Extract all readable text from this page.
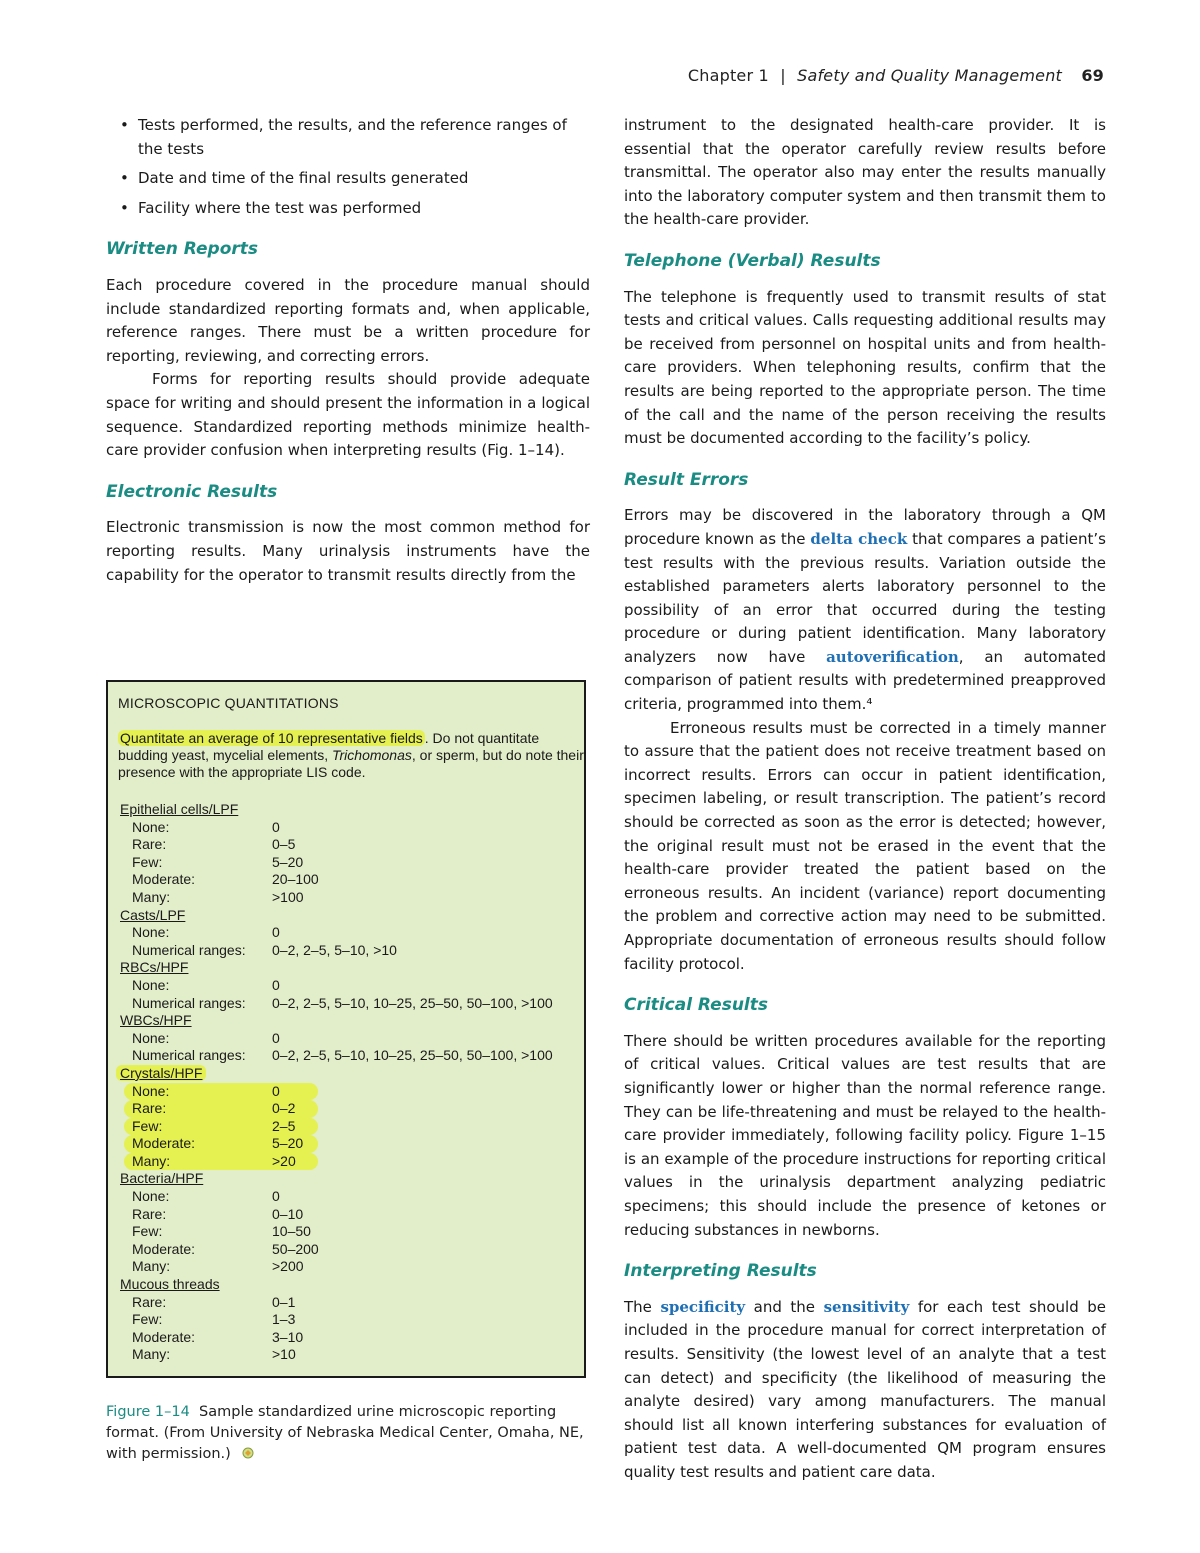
Chapter 1 | Safety and Quality Management 69
• Tests performed, the results, and the reference ranges of the tests
• Date and time of the final results generated
• Facility where the test was performed
Written Reports

Each procedure covered in the procedure manual should include standardized reporting formats and, when applicable, reference ranges. There must be a written procedure for reporting, reviewing, and correcting errors.

Forms for reporting results should provide adequate space for writing and should present the information in a logical sequence. Standardized reporting methods minimize health-care provider confusion when interpreting results (Fig. 1–14).

Electronic Results

Electronic transmission is now the most common method for reporting results. Many urinalysis instruments have the capability for the operator to transmit results directly from the

MICROSCOPIC QUANTITATIONS
Quantitate an average of 10 representative fields . Do not quantitate budding yeast, mycelial elements, Trichomonas, or sperm, but do note their presence with the appropriate LIS code.
Epithelial cells/LPF
None:	0
Rare:	0–5
Few:	5–20
Moderate:	20–100
Many:	>100
Casts/LPF
None:	0
Numerical ranges: 0–2, 2–5, 5–10, >10
RBCs/HPF
None:	0
Numerical ranges: 0–2, 2–5, 5–10, 10–25, 25–50, 50–100, >100
WBCs/HPF
None:	0
Numerical ranges: 0–2, 2–5, 5–10, 10–25, 25–50, 50–100, >100
Crystals/HPF
None:	0
Rare:	0–2
Few:	2–5
Moderate:	5–20
Many:	>20
Bacteria/HPF
None:	0
Rare:	0–10
Few:	10–50
Moderate:	50–200
Many:	>200
Mucous threads
Rare:	0–1
Few:	1–3
Moderate:	3–10
Many:	>10
Figure 1–14 Sample standardized urine microscopic reporting format. (From University of Nebraska Medical Center, Omaha, NE, with permission.)

instrument to the designated health-care provider. It is essential that the operator carefully review results before transmittal. The operator also may enter the results manually into the laboratory computer system and then transmit them to the health-care provider.

Telephone (Verbal) Results

The telephone is frequently used to transmit results of stat tests and critical values. Calls requesting additional results may be received from personnel on hospital units and from health-care providers. When telephoning results, confirm that the results are being reported to the appropriate person. The time of the call and the name of the person receiving the results must be documented according to the facility’s policy.

Result Errors

Errors may be discovered in the laboratory through a QM procedure known as the delta check that compares a patient’s test results with the previous results. Variation outside the established parameters alerts laboratory personnel to the possibility of an error that occurred during the testing procedure or during patient identification. Many laboratory analyzers now have autoverification, an automated comparison of patient results with predetermined preapproved criteria, programmed into them.⁴

Erroneous results must be corrected in a timely manner to assure that the patient does not receive treatment based on incorrect results. Errors can occur in patient identification, specimen labeling, or result transcription. The patient’s record should be corrected as soon as the error is detected; however, the original result must not be erased in the event that the health-care provider treated the patient based on the erroneous results. An incident (variance) report documenting the problem and corrective action may need to be submitted. Appropriate documentation of erroneous results should follow facility protocol.

Critical Results

There should be written procedures available for the reporting of critical values. Critical values are test results that are significantly lower or higher than the normal reference range. They can be life-threatening and must be relayed to the health-care provider immediately, following facility policy. Figure 1–15 is an example of the procedure instructions for reporting critical values in the urinalysis department analyzing pediatric specimens; this should include the presence of ketones or reducing substances in newborns.

Interpreting Results

The specificity and the sensitivity for each test should be included in the procedure manual for correct interpretation of results. Sensitivity (the lowest level of an analyte that a test can detect) and specificity (the likelihood of measuring the analyte desired) vary among manufacturers. The manual should list all known interfering substances for evaluation of patient test data. A well-documented QM program ensures quality test results and patient care data.
